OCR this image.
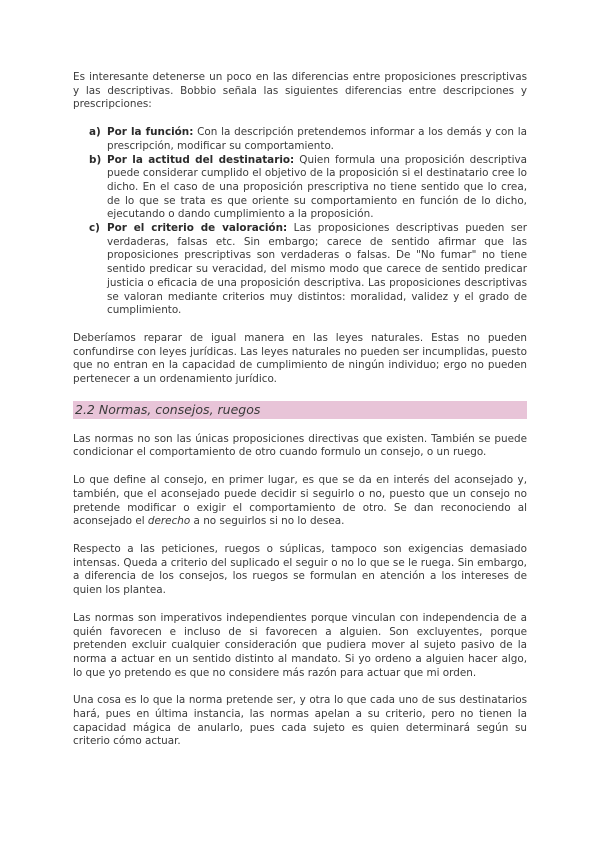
Es interesante detenerse un poco en las diferencias entre proposiciones prescriptivas y las descriptivas. Bobbio señala las siguientes diferencias entre descripciones y prescripciones:

a) Por la función: Con la descripción pretendemos informar a los demás y con la prescripción, modificar su comportamiento.
b) Por la actitud del destinatario: Quien formula una proposición descriptiva puede considerar cumplido el objetivo de la proposición si el destinatario cree lo dicho. En el caso de una proposición prescriptiva no tiene sentido que lo crea, de lo que se trata es que oriente su comportamiento en función de lo dicho, ejecutando o dando cumplimiento a la proposición.
c) Por el criterio de valoración: Las proposiciones descriptivas pueden ser verdaderas, falsas etc. Sin embargo; carece de sentido afirmar que las proposiciones prescriptivas son verdaderas o falsas. De "No fumar" no tiene sentido predicar su veracidad, del mismo modo que carece de sentido predicar justicia o eficacia de una proposición descriptiva. Las proposiciones descriptivas se valoran mediante criterios muy distintos: moralidad, validez y el grado de cumplimiento.

Deberíamos reparar de igual manera en las leyes naturales. Estas no pueden confundirse con leyes jurídicas. Las leyes naturales no pueden ser incumplidas, puesto que no entran en la capacidad de cumplimiento de ningún individuo; ergo no pueden pertenecer a un ordenamiento jurídico.

2.2 Normas, consejos, ruegos

Las normas no son las únicas proposiciones directivas que existen. También se puede condicionar el comportamiento de otro cuando formulo un consejo, o un ruego.

Lo que define al consejo, en primer lugar, es que se da en interés del aconsejado y, también, que el aconsejado puede decidir si seguirlo o no, puesto que un consejo no pretende modificar o exigir el comportamiento de otro. Se dan reconociendo al aconsejado el derecho a no seguirlos si no lo desea.

Respecto a las peticiones, ruegos o súplicas, tampoco son exigencias demasiado intensas. Queda a criterio del suplicado el seguir o no lo que se le ruega. Sin embargo, a diferencia de los consejos, los ruegos se formulan en atención a los intereses de quien los plantea.

Las normas son imperativos independientes porque vinculan con independencia de a quién favorecen e incluso de si favorecen a alguien. Son excluyentes, porque pretenden excluir cualquier consideración que pudiera mover al sujeto pasivo de la norma a actuar en un sentido distinto al mandato. Si yo ordeno a alguien hacer algo, lo que yo pretendo es que no considere más razón para actuar que mi orden.

Una cosa es lo que la norma pretende ser, y otra lo que cada uno de sus destinatarios hará, pues en última instancia, las normas apelan a su criterio, pero no tienen la capacidad mágica de anularlo, pues cada sujeto es quien determinará según su criterio cómo actuar.
